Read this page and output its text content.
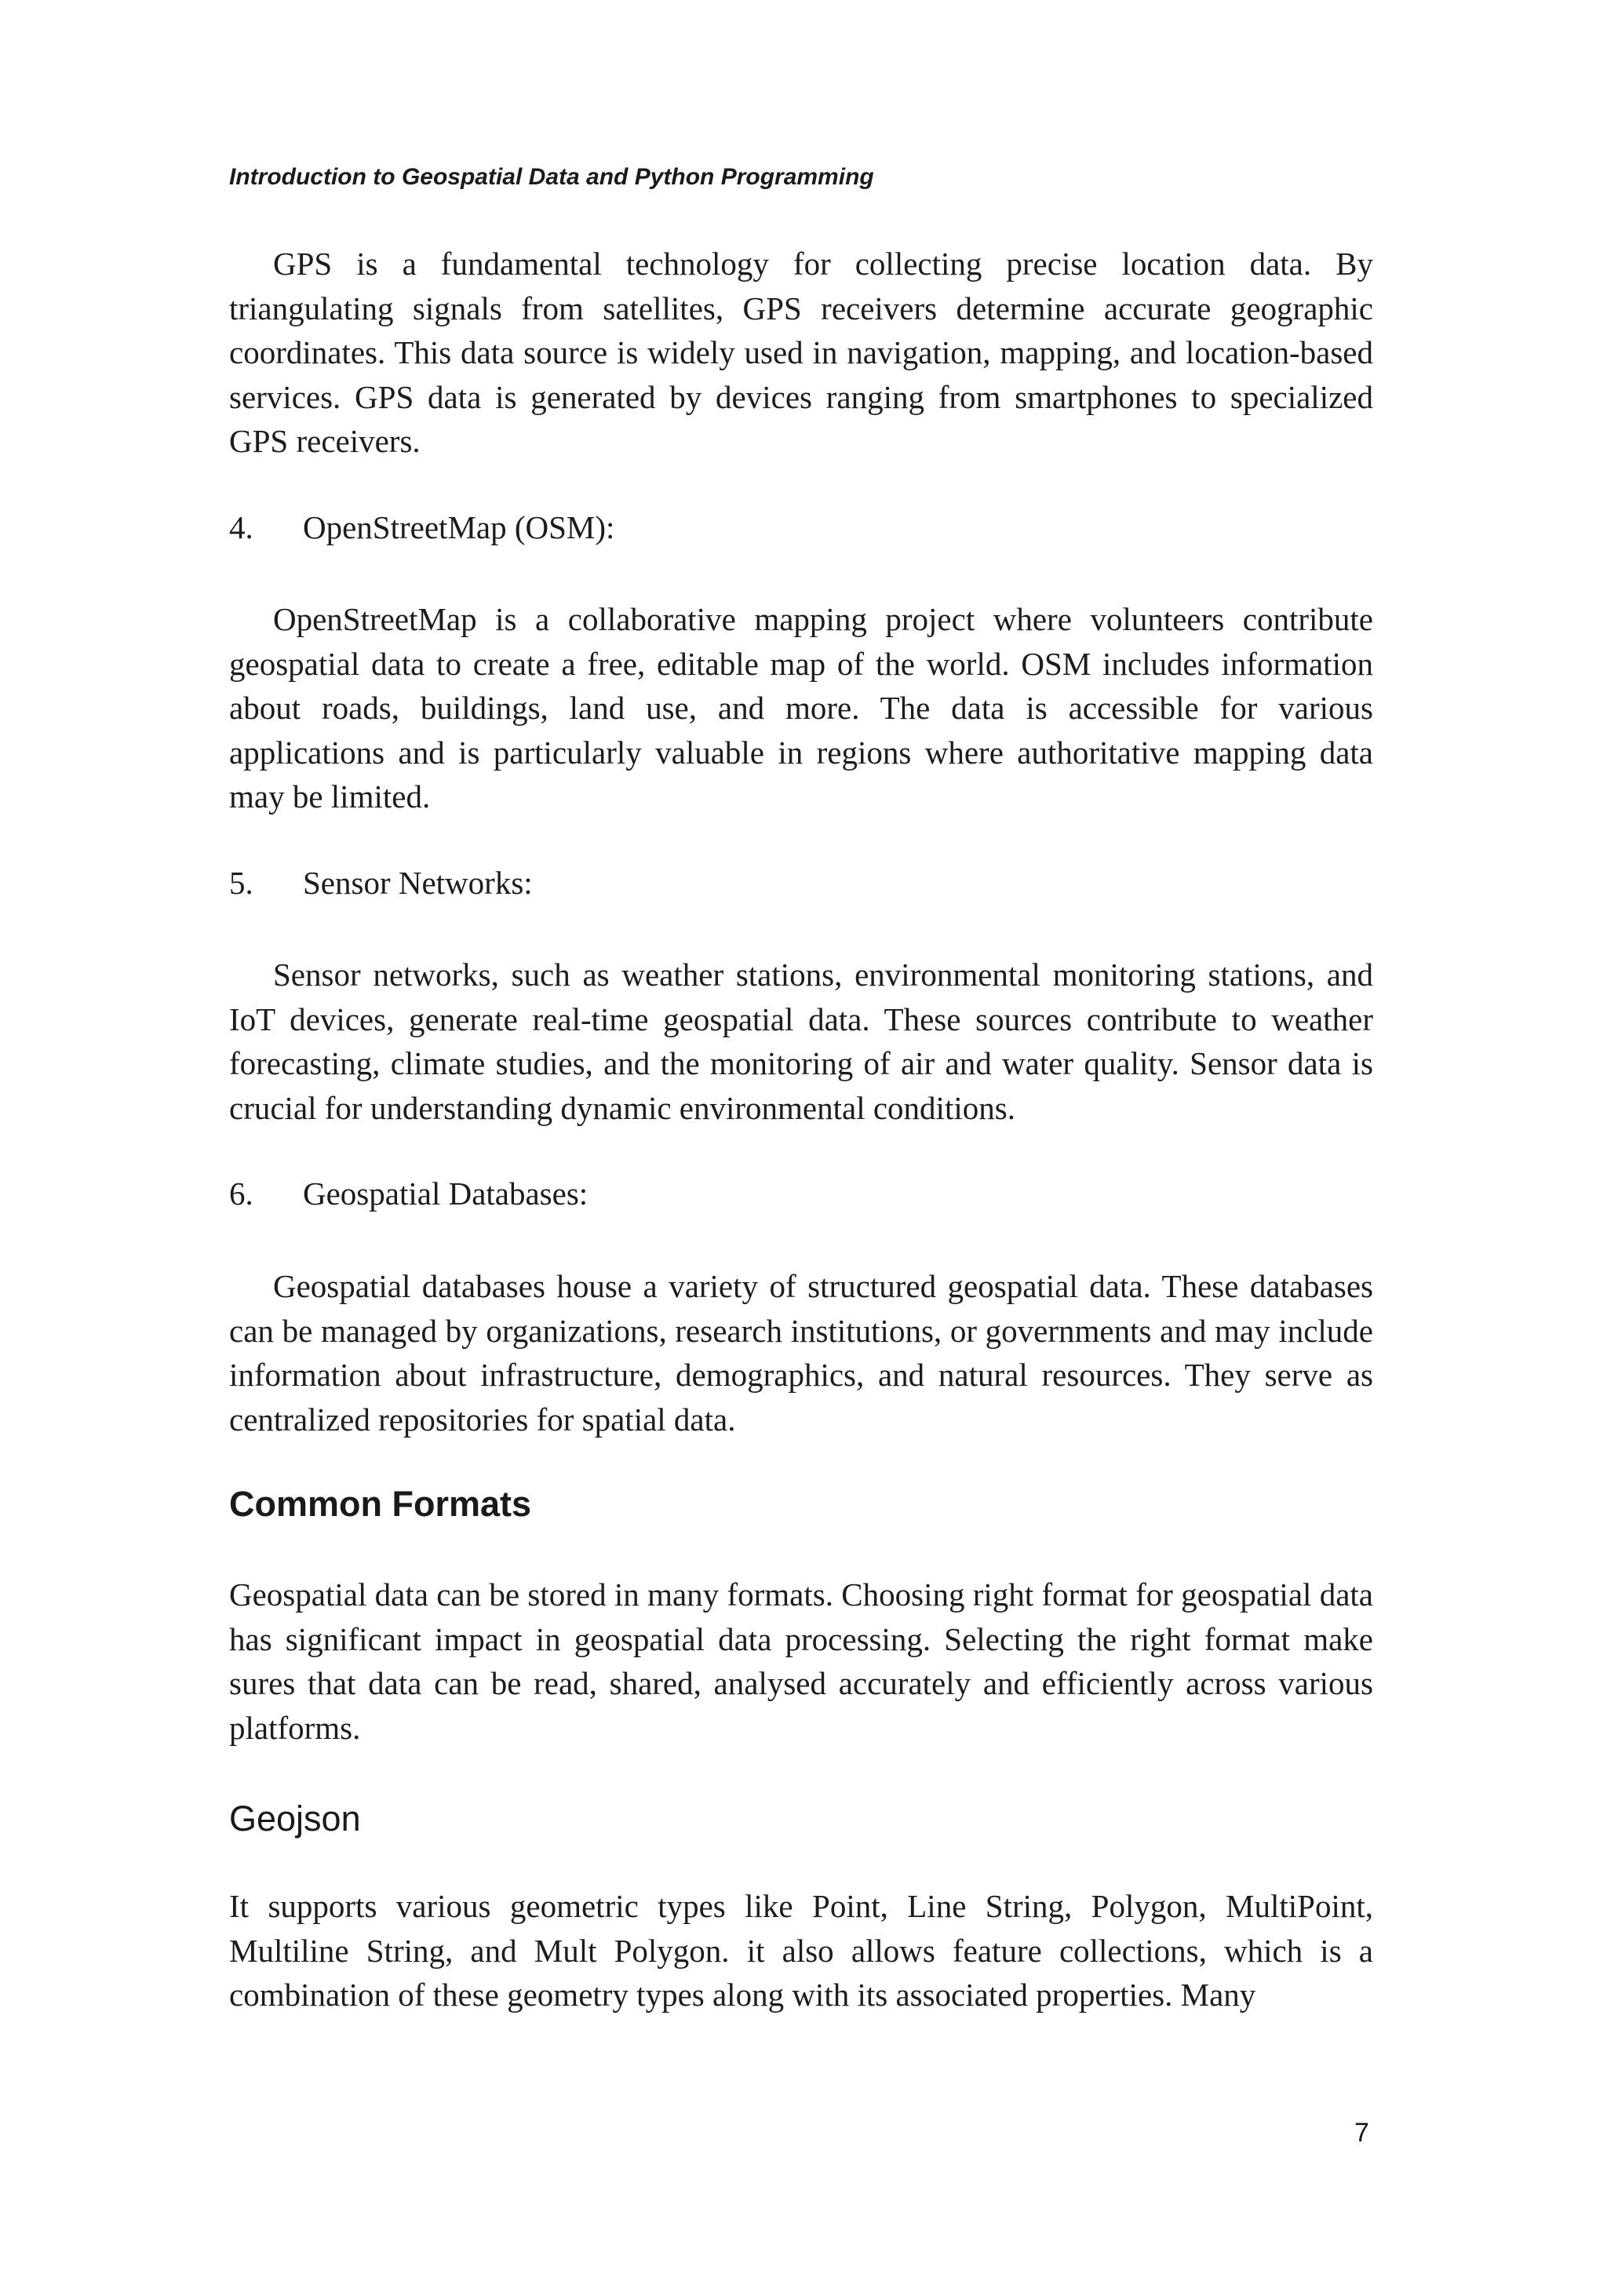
Introduction to Geospatial Data and Python Programming

GPS is a fundamental technology for collecting precise location data. By triangulating signals from satellites, GPS receivers determine accurate geographic coordinates. This data source is widely used in navigation, mapping, and location-based services. GPS data is generated by devices ranging from smartphones to specialized GPS receivers.

4. OpenStreetMap (OSM):

OpenStreetMap is a collaborative mapping project where volunteers contribute geospatial data to create a free, editable map of the world. OSM includes information about roads, buildings, land use, and more. The data is accessible for various applications and is particularly valuable in regions where authoritative mapping data may be limited.

5. Sensor Networks:

Sensor networks, such as weather stations, environmental monitoring stations, and IoT devices, generate real-time geospatial data. These sources contribute to weather forecasting, climate studies, and the monitoring of air and water quality. Sensor data is crucial for understanding dynamic environmental conditions.

6. Geospatial Databases:

Geospatial databases house a variety of structured geospatial data. These databases can be managed by organizations, research institutions, or governments and may include information about infrastructure, demographics, and natural resources. They serve as centralized repositories for spatial data.

Common Formats

Geospatial data can be stored in many formats. Choosing right format for geospatial data has significant impact in geospatial data processing. Selecting the right format make sures that data can be read, shared, analysed accurately and efficiently across various platforms.

Geojson

It supports various geometric types like Point, Line String, Polygon, MultiPoint, Multiline String, and Mult Polygon. it also allows feature collections, which is a combination of these geometry types along with its associated properties. Many

7
